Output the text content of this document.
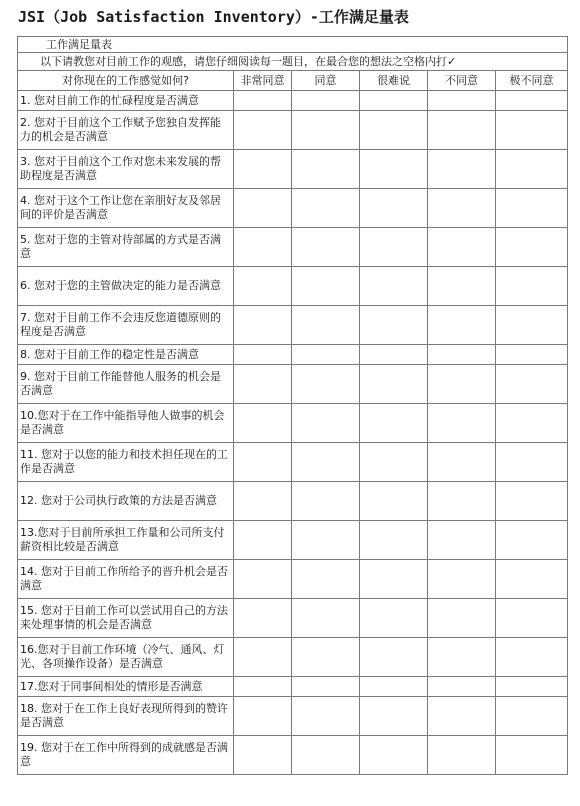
JSI（Job Satisfaction Inventory）-工作满足量表
工作满足量表					
以下请教您对目前工作的观感，请您仔细阅读每一题目，在最合您的想法之空格内打✓					
对你现在的工作感觉如何?	非常同意	同意	很难说	不同意	极不同意
1. 您对目前工作的忙碌程度是否满意					
2. 您对于目前这个工作赋予您独自发挥能力的机会是否满意					
3. 您对于目前这个工作对您未来发展的帮助程度是否满意					
4. 您对于这个工作让您在亲朋好友及邻居间的评价是否满意					
5. 您对于您的主管对待部属的方式是否满意					
6. 您对于您的主管做决定的能力是否满意					
7. 您对于目前工作不会违反您道德原则的程度是否满意					
8. 您对于目前工作的稳定性是否满意					
9. 您对于目前工作能替他人服务的机会是否满意					
10.您对于在工作中能指导他人做事的机会是否满意					
11. 您对于以您的能力和技术担任现在的工作是否满意					
12. 您对于公司执行政策的方法是否满意					
13.您对于目前所承担工作量和公司所支付薪资相比较是否满意					
14. 您对于目前工作所给予的晋升机会是否满意					
15. 您对于目前工作可以尝试用自己的方法来处理事情的机会是否满意					
16.您对于目前工作环境（冷气、通风、灯光、各项操作设备）是否满意					
17.您对于同事间相处的情形是否满意					
18. 您对于在工作上良好表现所得到的赞许是否满意					
19. 您对于在工作中所得到的成就感是否满意					
